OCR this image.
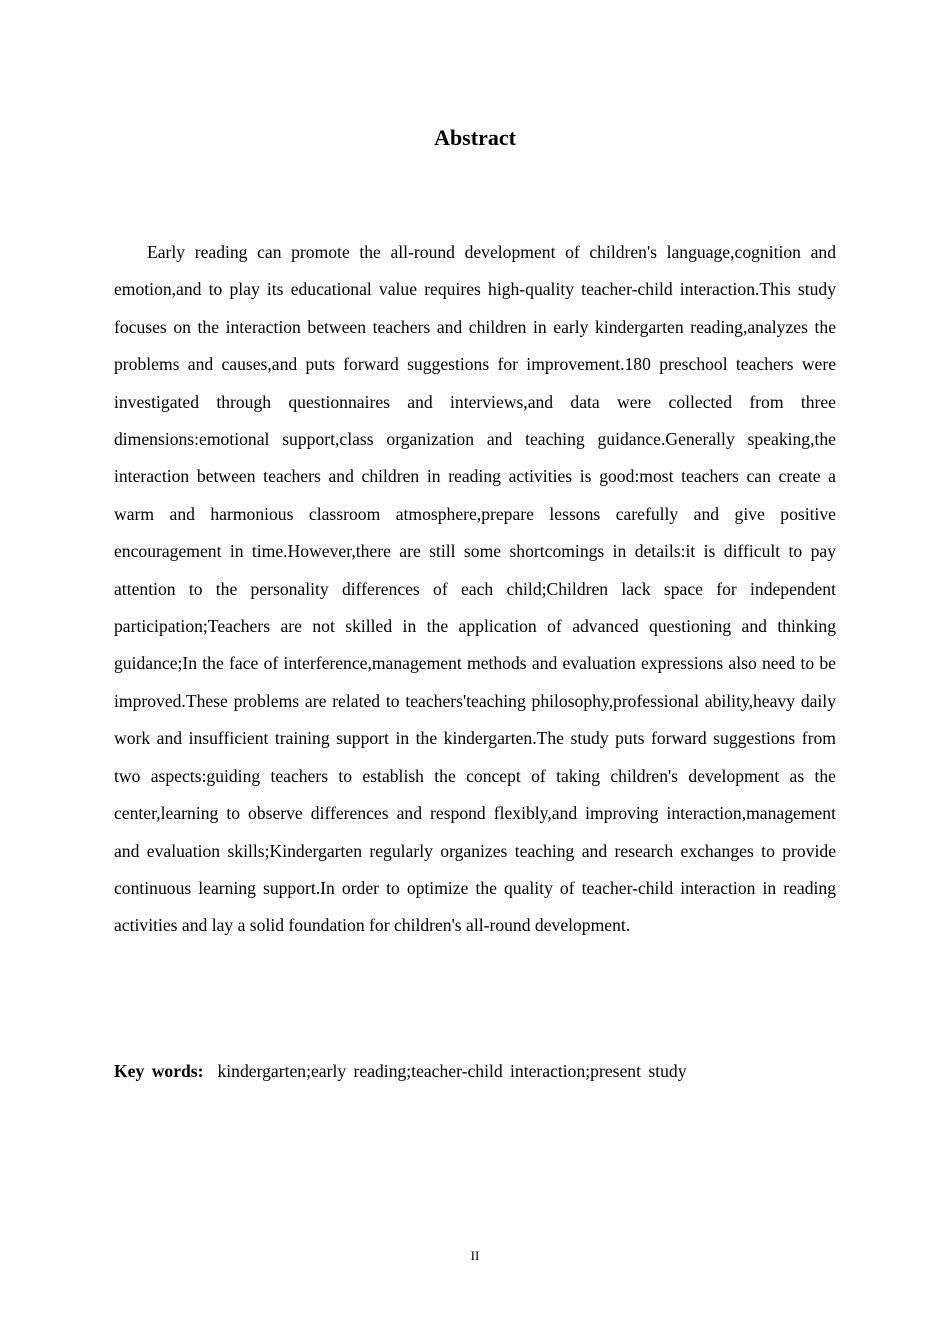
Abstract

Early reading can promote the all-round development of children's language,cognition and emotion,and to play its educational value requires high-quality teacher-child interaction.This study focuses on the interaction between teachers and children in early kindergarten reading,analyzes the problems and causes,and puts forward suggestions for improvement.180 preschool teachers were investigated through questionnaires and interviews,and data were collected from three dimensions:emotional support,class organization and teaching guidance.Generally speaking,the interaction between teachers and children in reading activities is good:most teachers can create a warm and harmonious classroom atmosphere,prepare lessons carefully and give positive encouragement in time.However,there are still some shortcomings in details:it is difficult to pay attention to the personality differences of each child;Children lack space for independent participation;Teachers are not skilled in the application of advanced questioning and thinking guidance;In the face of interference,management methods and evaluation expressions also need to be improved.These problems are related to teachers'teaching philosophy,professional ability,heavy daily work and insufficient training support in the kindergarten.The study puts forward suggestions from two aspects:guiding teachers to establish the concept of taking children's development as the center,learning to observe differences and respond flexibly,and improving interaction,management and evaluation skills;Kindergarten regularly organizes teaching and research exchanges to provide continuous learning support.In order to optimize the quality of teacher-child interaction in reading activities and lay a solid foundation for children's all-round development.

Key words: kindergarten;early reading;teacher-child interaction;present study
II
